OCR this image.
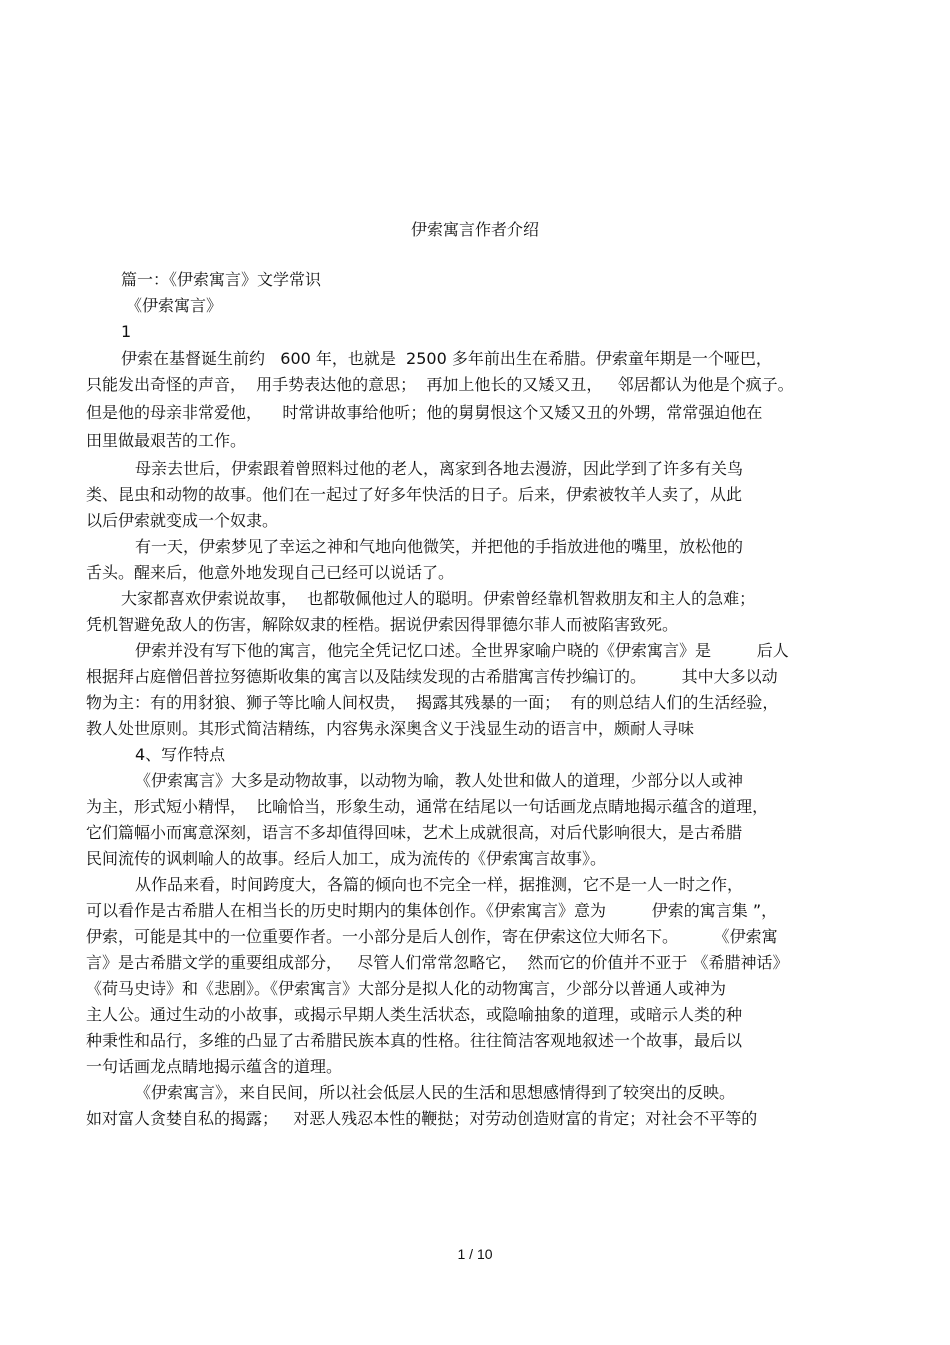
伊索寓言作者介绍
篇一：《伊索寓言》文学常识
《伊索寓言》
1
伊索在基督诞生前约   600 年，也就是  2500 多年前出生在希腊。伊索童年期是一个哑巴，
只能发出奇怪的声音，  用手势表达他的意思；  再加上他长的又矮又丑，   邻居都认为他是个疯子。
但是他的母亲非常爱他，    时常讲故事给他听；他的舅舅恨这个又矮又丑的外甥，常常强迫他在
田里做最艰苦的工作。
母亲去世后，伊索跟着曾照料过他的老人，离家到各地去漫游，因此学到了许多有关鸟
类、昆虫和动物的故事。他们在一起过了好多年快活的日子。后来，伊索被牧羊人卖了，从此
以后伊索就变成一个奴隶。
有一天，伊索梦见了幸运之神和气地向他微笑，并把他的手指放进他的嘴里，放松他的
舌头。醒来后，他意外地发现自己已经可以说话了。
大家都喜欢伊索说故事，  也都敬佩他过人的聪明。伊索曾经靠机智救朋友和主人的急难；
凭机智避免敌人的伤害，解除奴隶的桎梏。据说伊索因得罪德尔菲人而被陷害致死。
伊索并没有写下他的寓言，他完全凭记忆口述。全世界家喻户晓的《伊索寓言》是         后人
根据拜占庭僧侣普拉努德斯收集的寓言以及陆续发现的古希腊寓言传抄编订的。       其中大多以动
物为主：有的用豺狼、狮子等比喻人间权贵，  揭露其残暴的一面；  有的则总结人们的生活经验，
教人处世原则。其形式简洁精练，内容隽永深奥含义于浅显生动的语言中，颇耐人寻味
4、写作特点
《伊索寓言》大多是动物故事，以动物为喻，教人处世和做人的道理，少部分以人或神
为主，形式短小精悍，  比喻恰当，形象生动，通常在结尾以一句话画龙点睛地揭示蕴含的道理，
它们篇幅小而寓意深刻，语言不多却值得回味，艺术上成就很高，对后代影响很大，是古希腊
民间流传的讽刺喻人的故事。经后人加工，成为流传的《伊索寓言故事》。
从作品来看，时间跨度大，各篇的倾向也不完全一样，据推测，它不是一人一时之作，
可以看作是古希腊人在相当长的历史时期内的集体创作。《伊索寓言》意为         伊索的寓言集 ”，
伊索，可能是其中的一位重要作者。一小部分是后人创作，寄在伊索这位大师名下。       《伊索寓
言》是古希腊文学的重要组成部分，   尽管人们常常忽略它，  然而它的价值并不亚于 《希腊神话》
《荷马史诗》和《悲剧》。《伊索寓言》大部分是拟人化的动物寓言，少部分以普通人或神为
主人公。通过生动的小故事，或揭示早期人类生活状态，或隐喻抽象的道理，或暗示人类的种
种秉性和品行，多维的凸显了古希腊民族本真的性格。往往简洁客观地叙述一个故事，最后以
一句话画龙点睛地揭示蕴含的道理。
《伊索寓言》，来自民间，所以社会低层人民的生活和思想感情得到了较突出的反映。
如对富人贪婪自私的揭露；   对恶人残忍本性的鞭挞；对劳动创造财富的肯定；对社会不平等的
1 / 10
